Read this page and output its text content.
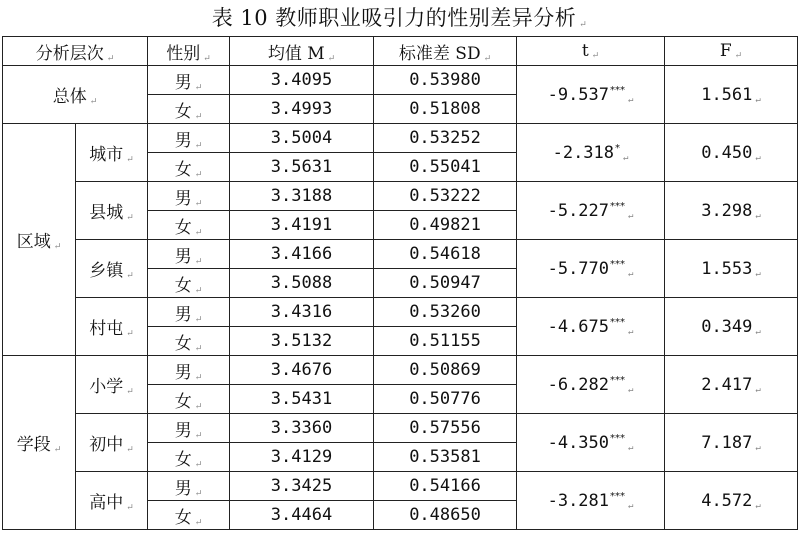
表 10 教师职业吸引力的性别差异分析 ↵
分析层次 ↵		性别 ↵	均值 M ↵	标准差 SD ↵	t ↵	F ↵
总体 ↵		男 ↵	3.4095	0.53980	-9.537***↵	1.561 ↵
		女 ↵	3.4993	0.51808		
区域 ↵	城市 ↵	男 ↵	3.5004	0.53252	-2.318*↵	0.450 ↵
		女 ↵	3.5631	0.55041		
	县城 ↵	男 ↵	3.3188	0.53222	-5.227***↵	3.298 ↵
		女 ↵	3.4191	0.49821		
	乡镇 ↵	男 ↵	3.4166	0.54618	-5.770***↵	1.553 ↵
		女 ↵	3.5088	0.50947		
	村屯 ↵	男 ↵	3.4316	0.53260	-4.675***↵	0.349 ↵
		女 ↵	3.5132	0.51155		
学段 ↵	小学 ↵	男 ↵	3.4676	0.50869	-6.282***↵	2.417 ↵
		女 ↵	3.5431	0.50776		
	初中 ↵	男 ↵	3.3360	0.57556	-4.350***↵	7.187 ↵
		女 ↵	3.4129	0.53581		
	高中 ↵	男 ↵	3.3425	0.54166	-3.281***↵	4.572 ↵
		女 ↵	3.4464	0.48650		
